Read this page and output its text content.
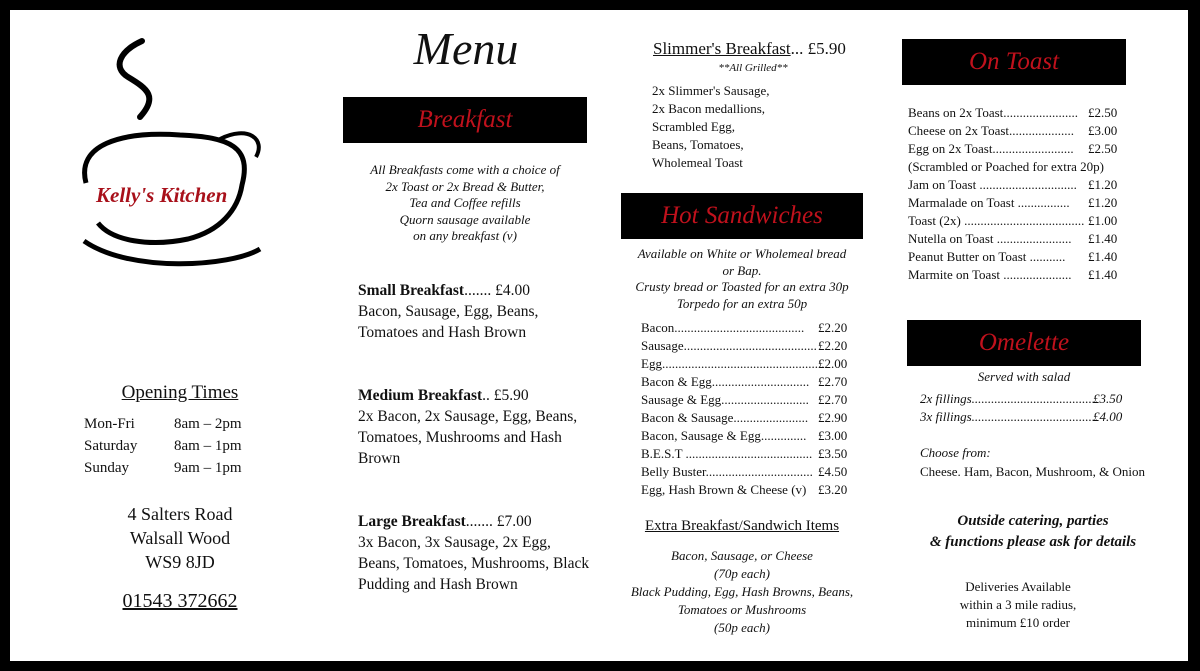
Kelly's Kitchen
Opening Times
Mon-Fri	8am – 2pm
Saturday 8am – 1pm
Sunday	9am – 1pm
4 Salters Road
Walsall Wood
WS9 8JD
01543 372662
Menu
Breakfast
All Breakfasts come with a choice of
2x Toast or 2x Bread & Butter,
Tea and Coffee refills
Quorn sausage available
on any breakfast (v)
Small Breakfast....... £4.00
Bacon, Sausage, Egg, Beans,
Tomatoes and Hash Brown
Medium Breakfast.. £5.90
2x Bacon, 2x Sausage, Egg, Beans,
Tomatoes, Mushrooms and Hash
Brown
Large Breakfast....... £7.00
3x Bacon, 3x Sausage, 2x Egg,
Beans, Tomatoes, Mushrooms, Black
Pudding and Hash Brown
Slimmer's Breakfast... £5.90
**All Grilled**
2x Slimmer's Sausage,
2x Bacon medallions,
Scrambled Egg,
Beans, Tomatoes,
Wholemeal Toast
Hot Sandwiches
Available on White or Wholemeal bread
or Bap.
Crusty bread or Toasted for an extra 30p
Torpedo for an extra 50p
Bacon........................................ £2.20
Sausage......................................... £2.20
Egg..................................................
£2.00
Bacon & Egg.............................. £2.70
Sausage & Egg........................... £2.70
Bacon & Sausage....................... £2.90
Bacon, Sausage & Egg.............. £3.00
B.E.S.T ....................................... £3.50
Belly Buster................................. £4.50
Egg, Hash Brown & Cheese (v) £3.20
Extra Breakfast/Sandwich Items
Bacon, Sausage, or Cheese
(70p each)
Black Pudding, Egg, Hash Browns, Beans,
Tomatoes or Mushrooms
(50p each)
On Toast
Beans on 2x Toast....................... £2.50
Cheese on 2x Toast.................... £3.00
Egg on 2x Toast......................... £2.50
(Scrambled or Poached for extra 20p)
Jam on Toast .............................. £1.20
Marmalade on Toast ................ £1.20
Toast (2x) ..................................... £1.00
Nutella on Toast ....................... £1.40
Peanut Butter on Toast ........... £1.40
Marmite on Toast ..................... £1.40
Omelette
Served with salad
2x fillings.......................................
£3.50
3x fillings.......................................
£4.00
Choose from:
Cheese. Ham, Bacon, Mushroom, & Onion
Outside catering, parties
& functions please ask for details
Deliveries Available
within a 3 mile radius,
minimum £10 order
